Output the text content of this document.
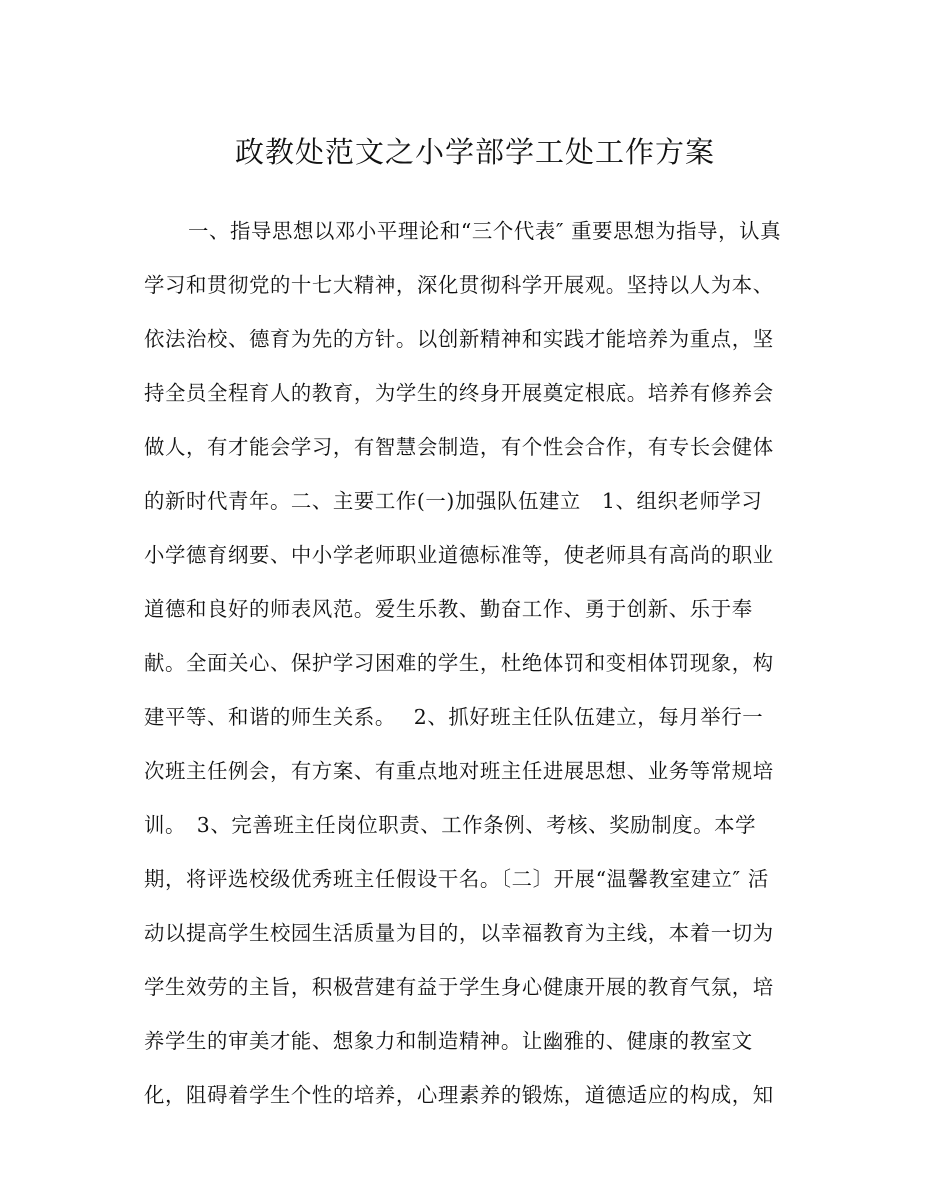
政教处范文之小学部学工处工作方案
一、指导思想以邓小平理论和“三个代表″ 重要思想为指导，认真
学习和贯彻党的十七大精神，深化贯彻科学开展观。坚持以人为本、
依法治校、德育为先的方针。以创新精神和实践才能培养为重点，坚
持全员全程育人的教育，为学生的终身开展奠定根底。培养有修养会
做人，有才能会学习，有智慧会制造，有个性会合作，有专长会健体
的新时代青年。二、主要工作(一)加强队伍建立　1、组织老师学习
小学德育纲要、中小学老师职业道德标准等，使老师具有高尚的职业
道德和良好的师表风范。爱生乐教、勤奋工作、勇于创新、乐于奉
献。全面关心、保护学习困难的学生，杜绝体罚和变相体罚现象，构
建平等、和谐的师生关系。　 2、抓好班主任队伍建立，每月举行一
次班主任例会，有方案、有重点地对班主任进展思想、业务等常规培
训。　3、完善班主任岗位职责、工作条例、考核、奖励制度。本学
期，将评选校级优秀班主任假设干名。〔二〕开展“温馨教室建立″ 活
动以提高学生校园生活质量为目的，以幸福教育为主线，本着一切为
学生效劳的主旨，积极营建有益于学生身心健康开展的教育气氛，培
养学生的审美才能、想象力和制造精神。让幽雅的、健康的教室文
化，阻碍着学生个性的培养，心理素养的锻炼，道德适应的构成，知
